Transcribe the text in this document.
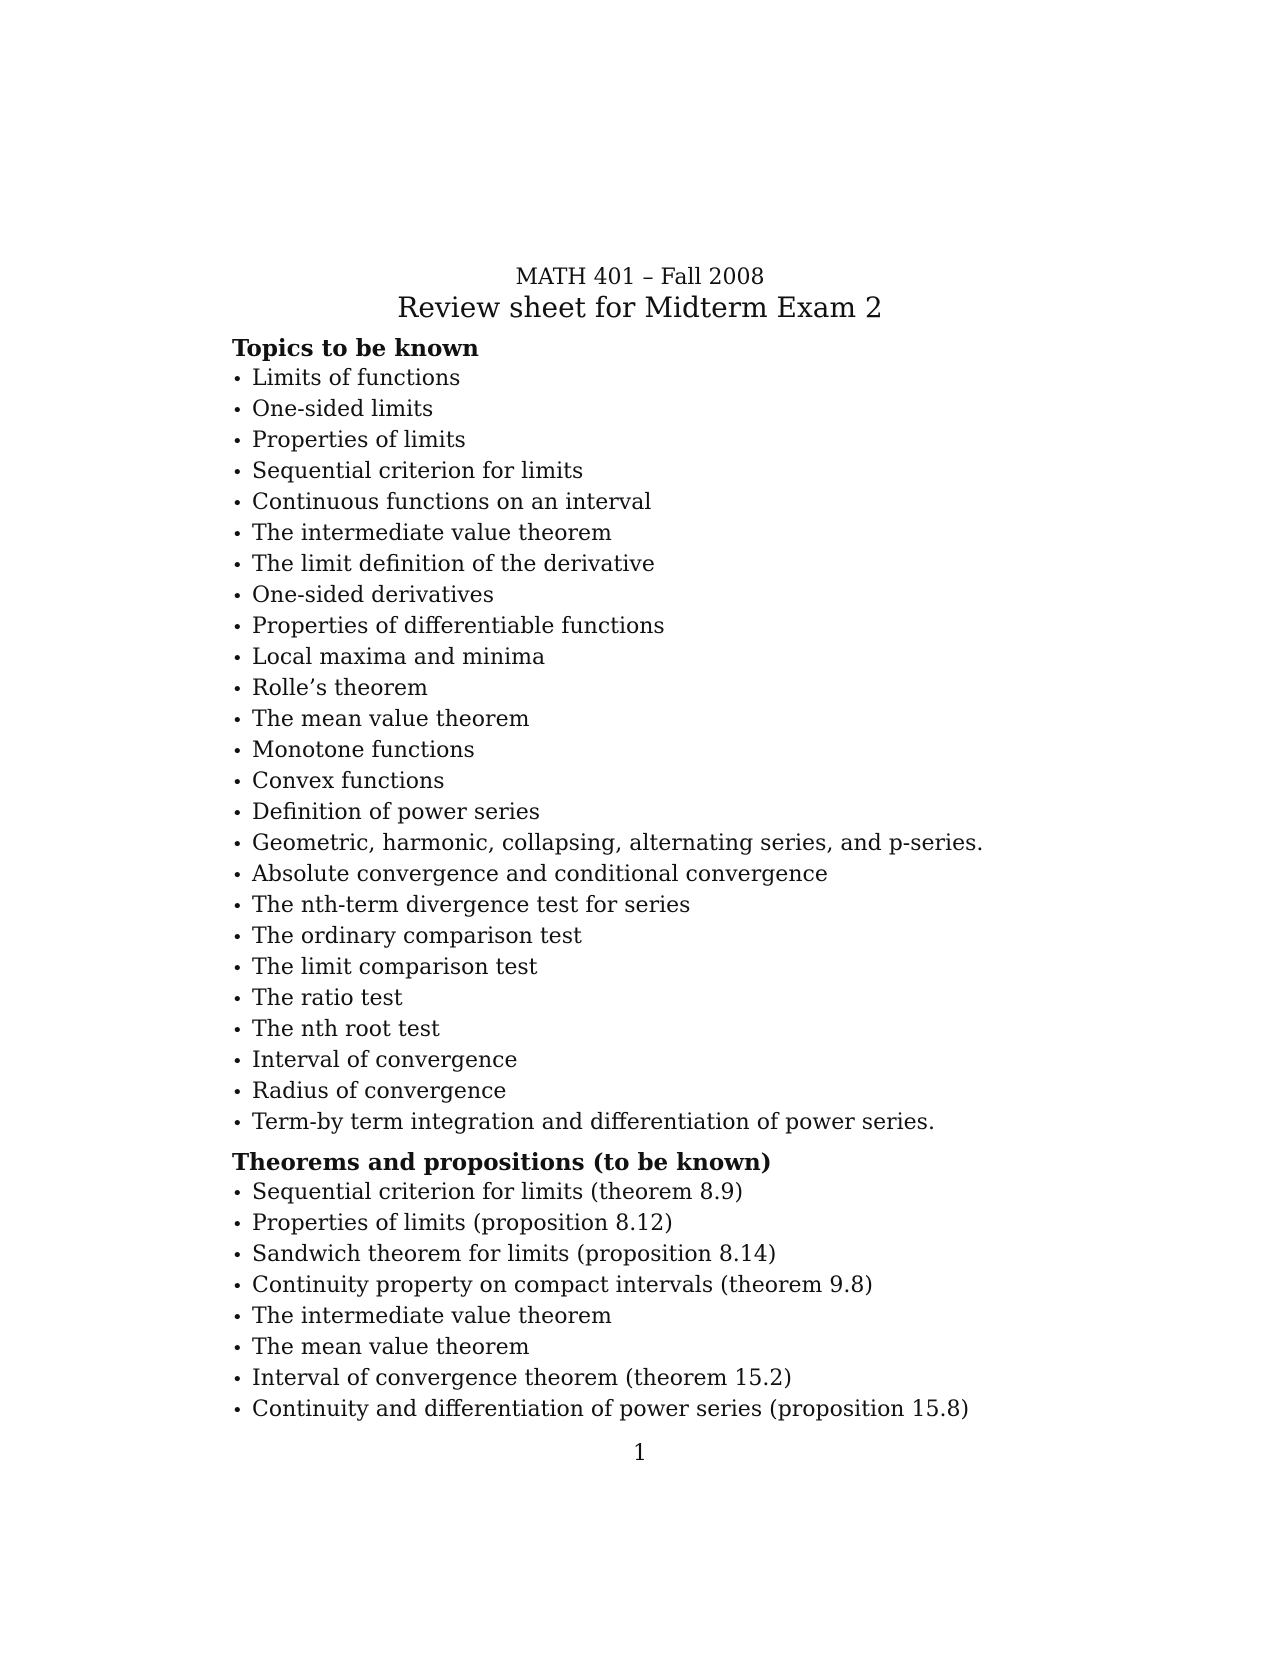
MATH 401 – Fall 2008
Review sheet for Midterm Exam 2
Topics to be known
• Limits of functions
• One-sided limits
• Properties of limits
• Sequential criterion for limits
• Continuous functions on an interval
• The intermediate value theorem
• The limit definition of the derivative
• One-sided derivatives
• Properties of differentiable functions
• Local maxima and minima
• Rolle’s theorem
• The mean value theorem
• Monotone functions
• Convex functions
• Definition of power series
• Geometric, harmonic, collapsing, alternating series, and p-series.
• Absolute convergence and conditional convergence
• The nth-term divergence test for series
• The ordinary comparison test
• The limit comparison test
• The ratio test
• The nth root test
• Interval of convergence
• Radius of convergence
• Term-by term integration and differentiation of power series.
Theorems and propositions (to be known)
• Sequential criterion for limits (theorem 8.9)
• Properties of limits (proposition 8.12)
• Sandwich theorem for limits (proposition 8.14)
• Continuity property on compact intervals (theorem 9.8)
• The intermediate value theorem
• The mean value theorem
• Interval of convergence theorem (theorem 15.2)
• Continuity and differentiation of power series (proposition 15.8)
1
